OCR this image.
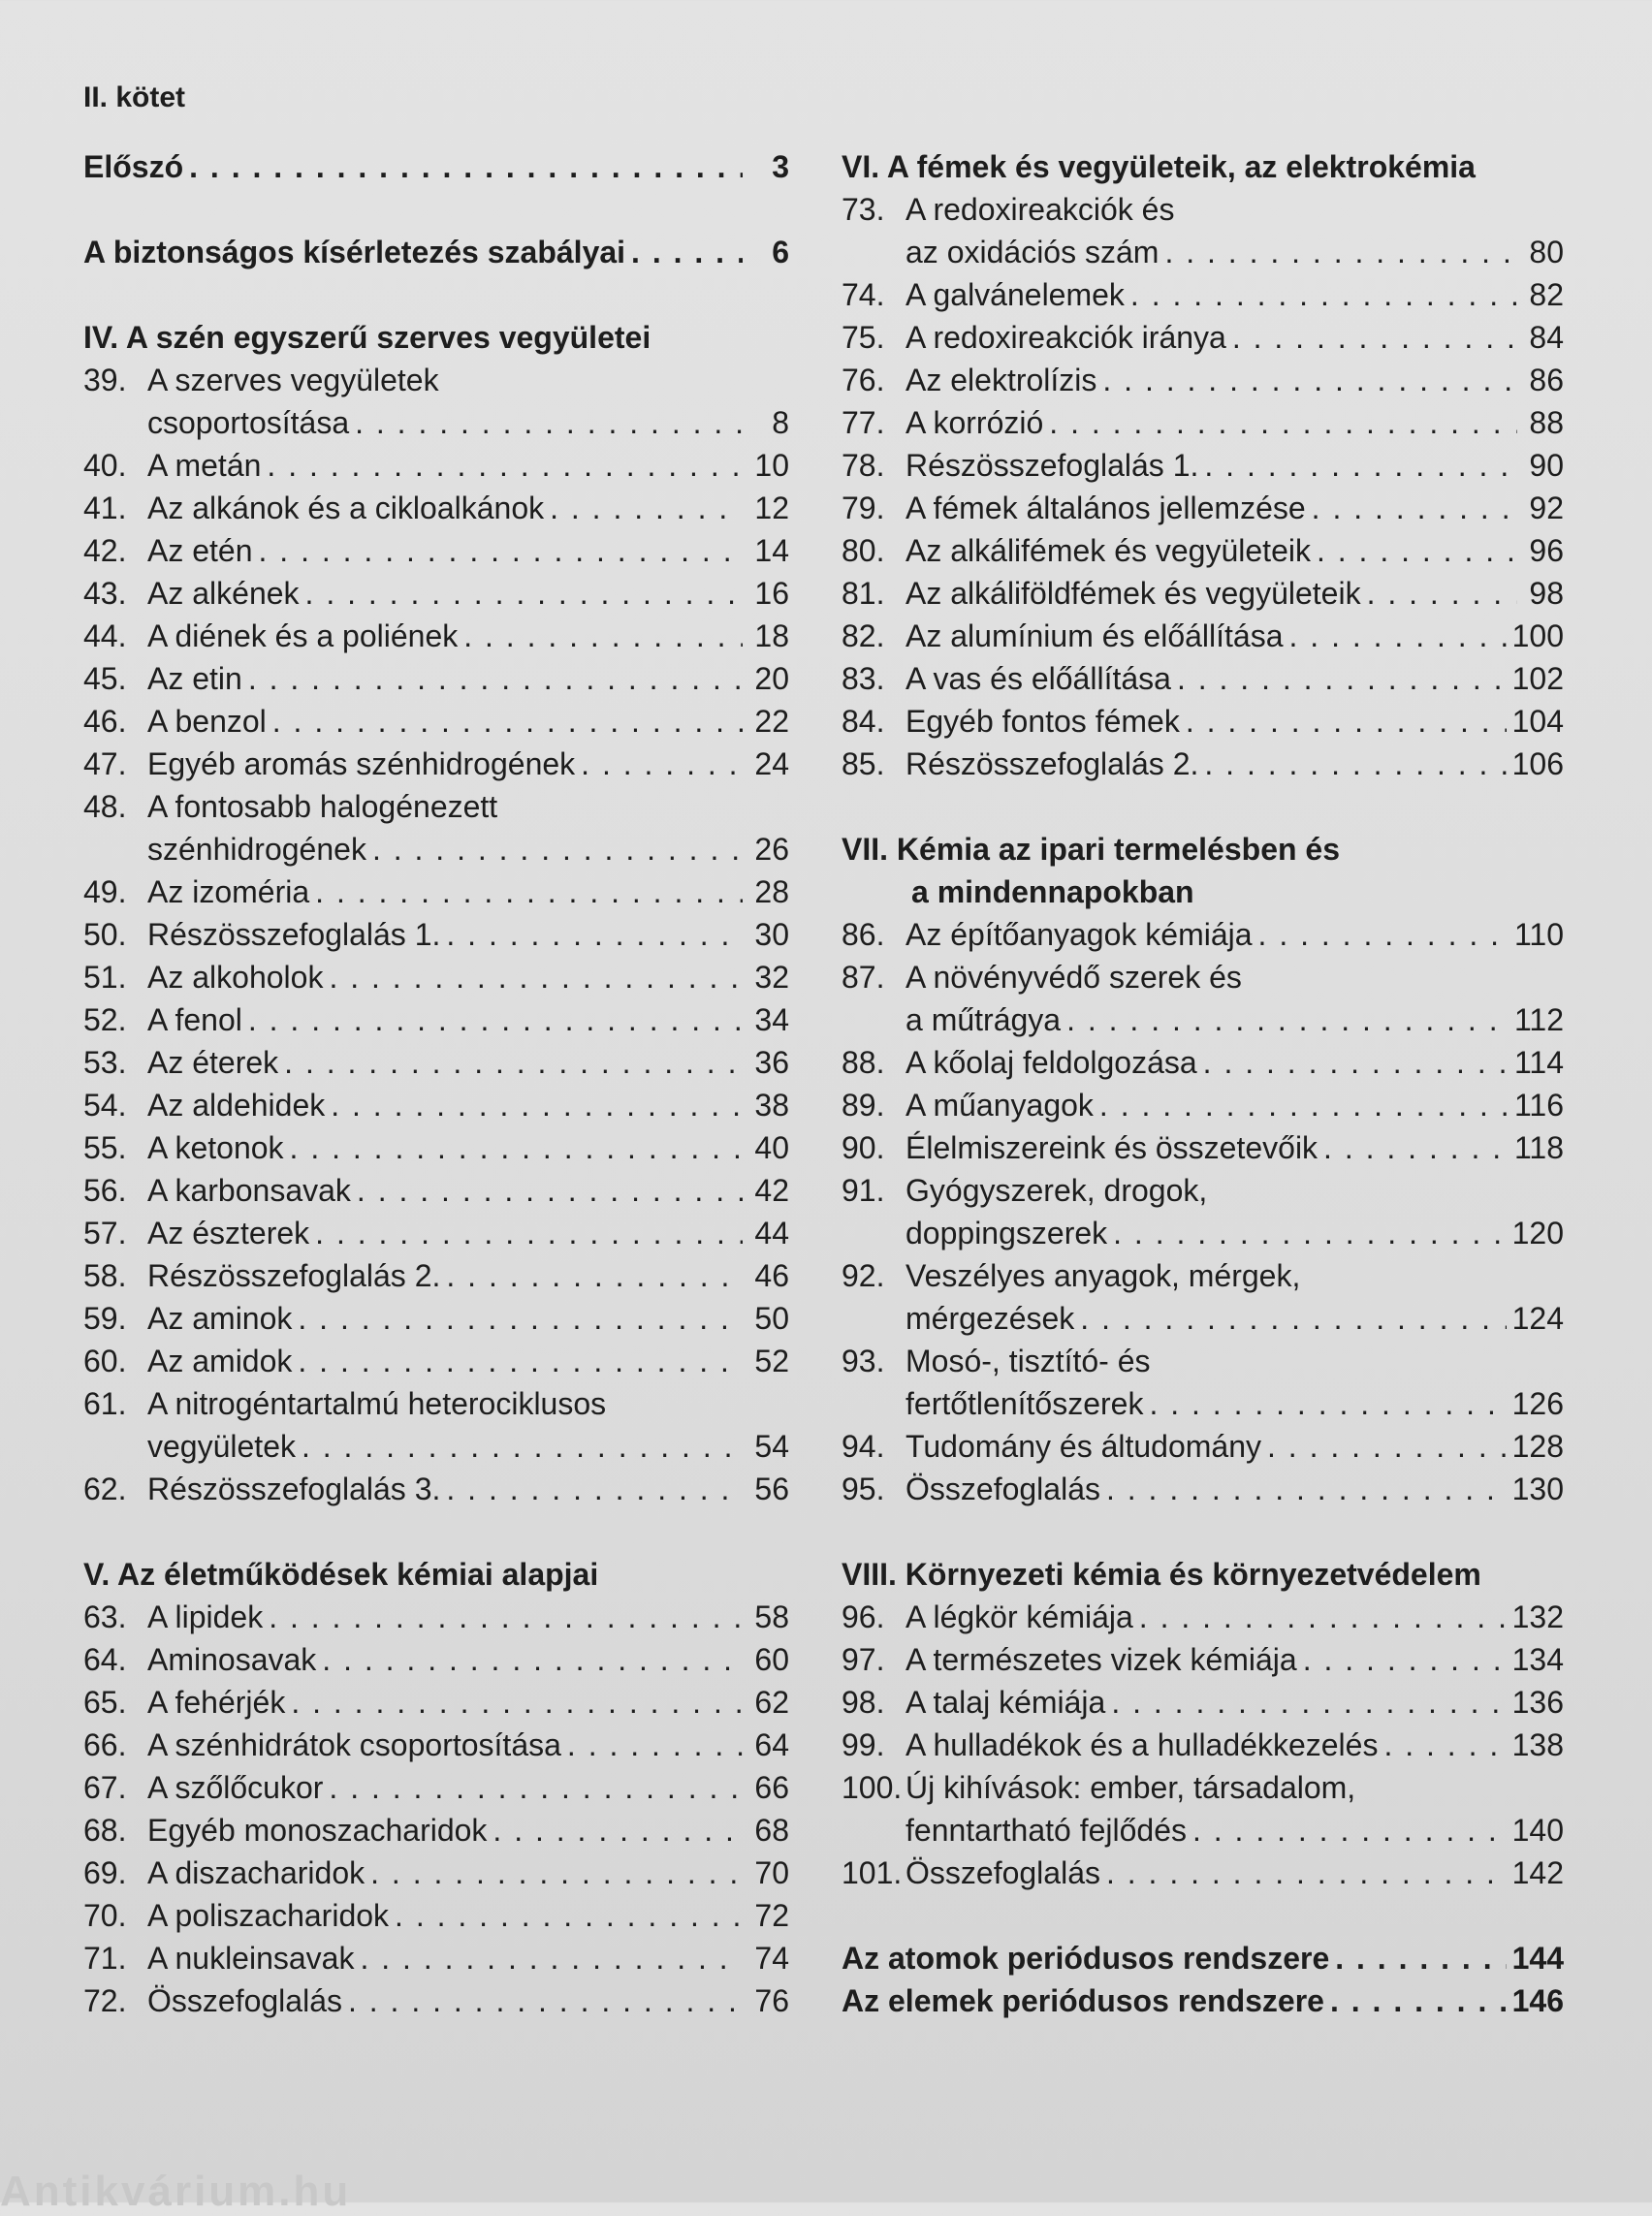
II. kötet
Előszó . . .	3
A biztonságos kísérletezés szabályai . . .	6
IV. A szén egyszerű szerves vegyületei
39. A szerves vegyületek
csoportosítása . . .	8
40. A metán . . .	10
41. Az alkánok és a cikloalkánok . . .	12
42. Az etén . . .	14
43. Az alkének . . .	16
44. A diének és a poliének . . .	18
45. Az etin . . .	20
46. A benzol . . .	22
47. Egyéb aromás szénhidrogének . . .	24
48. A fontosabb halogénezett
szénhidrogének . . .	26
49. Az izoméria . . .	28
50. Részösszefoglalás 1. . . .	30
51. Az alkoholok . . .	32
52. A fenol . . .	34
53. Az éterek . . .	36
54. Az aldehidek . . .	38
55. A ketonok . . .	40
56. A karbonsavak . . .	42
57. Az észterek . . .	44
58. Részösszefoglalás 2. . . .	46
59. Az aminok . . .	50
60. Az amidok . . .	52
61. A nitrogéntartalmú heterociklusos
vegyületek . . .	54
62. Részösszefoglalás 3. . . .	56
V. Az életműködések kémiai alapjai
63. A lipidek . . .	58
64. Aminosavak . . .	60
65. A fehérjék . . .	62
66. A szénhidrátok csoportosítása . . .	64
67. A szőlőcukor . . .	66
68. Egyéb monoszacharidok . . .	68
69. A diszacharidok . . .	70
70. A poliszacharidok . . .	72
71. A nukleinsavak . . .	74
72. Összefoglalás . . .	76
VI. A fémek és vegyületeik, az elektrokémia
73. A redoxireakciók és
az oxidációs szám . . .	80
74. A galvánelemek . . .	82
75. A redoxireakciók iránya . . .	84
76. Az elektrolízis . . .	86
77. A korrózió . . .	88
78. Részösszefoglalás 1. . . .	90
79. A fémek általános jellemzése . . .	92
80. Az alkálifémek és vegyületeik . . .	96
81. Az alkáliföldfémek és vegyületeik . . .	98
82. Az alumínium és előállítása . . .	100
83. A vas és előállítása . . .	102
84. Egyéb fontos fémek . . .	104
85. Részösszefoglalás 2. . . .	106
VII. Kémia az ipari termelésben és
a mindennapokban
86. Az építőanyagok kémiája . . .	110
87. A növényvédő szerek és
a műtrágya . . .	112
88. A kőolaj feldolgozása . . .	114
89. A műanyagok . . .	116
90. Élelmiszereink és összetevőik . . .	118
91. Gyógyszerek, drogok,
doppingszerek . . .	120
92. Veszélyes anyagok, mérgek,
mérgezések . . .	124
93. Mosó-, tisztító- és
fertőtlenítőszerek . . .	126
94. Tudomány és áltudomány . . .	128
95. Összefoglalás . . .	130
VIII. Környezeti kémia és környezetvédelem
96. A légkör kémiája . . .	132
97. A természetes vizek kémiája . . .	134
98. A talaj kémiája . . .	136
99. A hulladékok és a hulladékkezelés . . .	138
100. Új kihívások: ember, társadalom,
fenntartható fejlődés . . .	140
101. Összefoglalás . . .	142
Az atomok periódusos rendszere . . .	144
Az elemek periódusos rendszere . . .	146
Antikvárium.hu
